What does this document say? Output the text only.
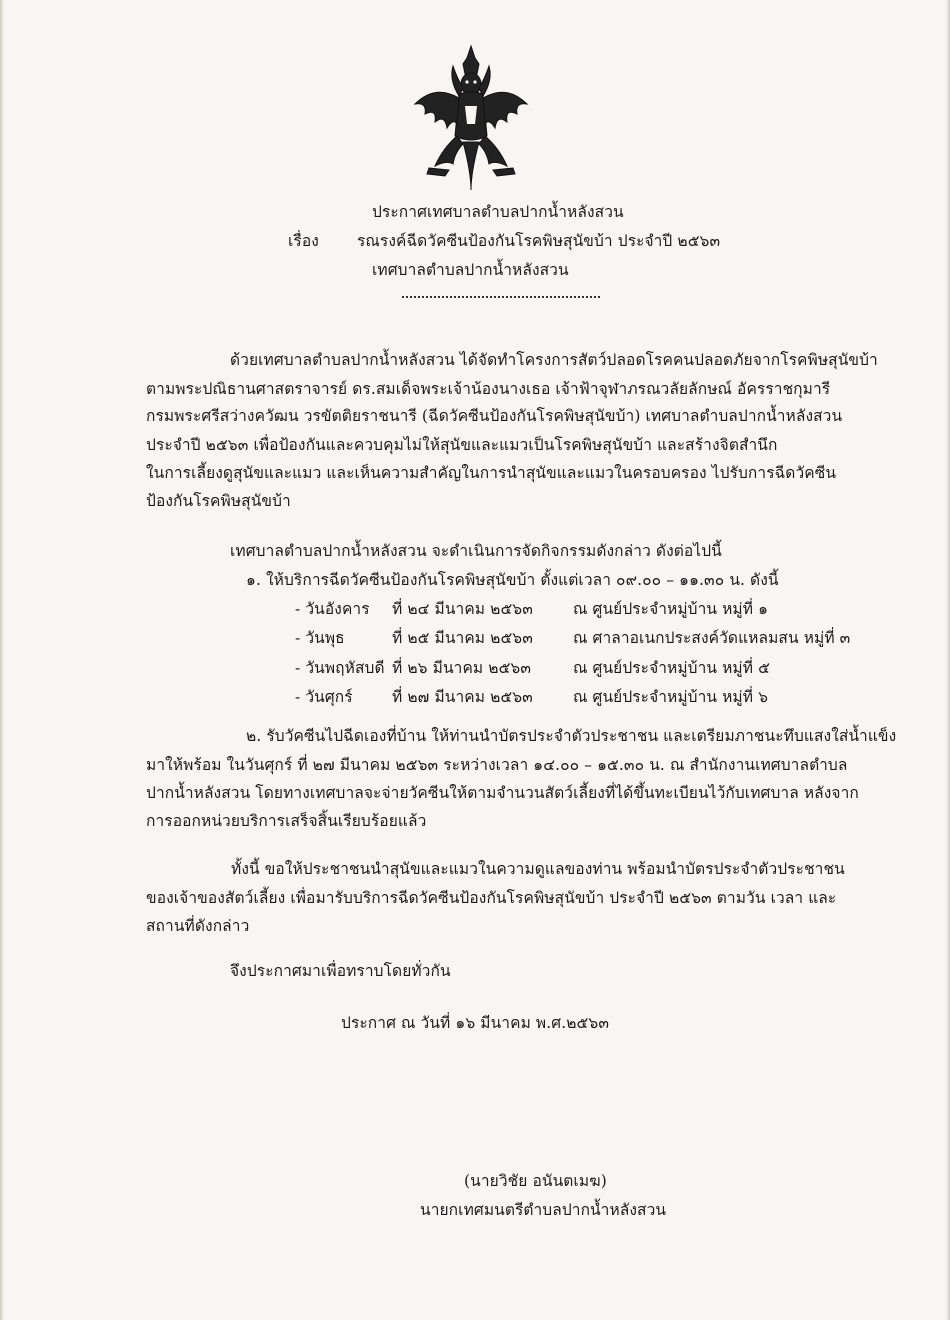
ประกาศเทศบาลตำบลปากน้ำหลังสวน
เรื่อง รณรงค์ฉีดวัคซีนป้องกันโรคพิษสุนัขบ้า ประจำปี ๒๕๖๓
เทศบาลตำบลปากน้ำหลังสวน
ด้วยเทศบาลตำบลปากน้ำหลังสวน ได้จัดทำโครงการสัตว์ปลอดโรคคนปลอดภัยจากโรคพิษสุนัขบ้า
ตามพระปณิธานศาสตราจารย์ ดร.สมเด็จพระเจ้าน้องนางเธอ เจ้าฟ้าจุฬาภรณวลัยลักษณ์ อัครราชกุมารี
กรมพระศรีสว่างควัฒน วรขัตติยราชนารี (ฉีดวัคซีนป้องกันโรคพิษสุนัขบ้า) เทศบาลตำบลปากน้ำหลังสวน
ประจำปี ๒๕๖๓ เพื่อป้องกันและควบคุมไม่ให้สุนัขและแมวเป็นโรคพิษสุนัขบ้า และสร้างจิตสำนึก
ในการเลี้ยงดูสุนัขและแมว และเห็นความสำคัญในการนำสุนัขและแมวในครอบครอง ไปรับการฉีดวัคซีน
ป้องกันโรคพิษสุนัขบ้า
เทศบาลตำบลปากน้ำหลังสวน จะดำเนินการจัดกิจกรรมดังกล่าว ดังต่อไปนี้
๑. ให้บริการฉีดวัคซีนป้องกันโรคพิษสุนัขบ้า ตั้งแต่เวลา ๐๙.๐๐ – ๑๑.๓๐ น. ดังนี้
- วันอังคาร ที่ ๒๔ มีนาคม ๒๕๖๓	ณ ศูนย์ประจำหมู่บ้าน หมู่ที่ ๑
- วันพุธ	ที่ ๒๕ มีนาคม ๒๕๖๓	ณ ศาลาอเนกประสงค์วัดแหลมสน หมู่ที่ ๓
- วันพฤหัสบดี ที่ ๒๖ มีนาคม ๒๕๖๓	ณ ศูนย์ประจำหมู่บ้าน หมู่ที่ ๕
- วันศุกร์	ที่ ๒๗ มีนาคม ๒๕๖๓	ณ ศูนย์ประจำหมู่บ้าน หมู่ที่ ๖
๒. รับวัคซีนไปฉีดเองที่บ้าน ให้ท่านนำบัตรประจำตัวประชาชน และเตรียมภาชนะทึบแสงใส่น้ำแข็ง
มาให้พร้อม ในวันศุกร์ ที่ ๒๗ มีนาคม ๒๕๖๓ ระหว่างเวลา ๑๔.๐๐ – ๑๕.๓๐ น. ณ สำนักงานเทศบาลตำบล
ปากน้ำหลังสวน โดยทางเทศบาลจะจ่ายวัคซีนให้ตามจำนวนสัตว์เลี้ยงที่ได้ขึ้นทะเบียนไว้กับเทศบาล หลังจาก
การออกหน่วยบริการเสร็จสิ้นเรียบร้อยแล้ว
ทั้งนี้ ขอให้ประชาชนนำสุนัขและแมวในความดูแลของท่าน พร้อมนำบัตรประจำตัวประชาชน
ของเจ้าของสัตว์เลี้ยง เพื่อมารับบริการฉีดวัคซีนป้องกันโรคพิษสุนัขบ้า ประจำปี ๒๕๖๓ ตามวัน เวลา และ
สถานที่ดังกล่าว
จึงประกาศมาเพื่อทราบโดยทั่วกัน
ประกาศ ณ วันที่ ๑๖ มีนาคม พ.ศ.๒๕๖๓
(นายวิชัย อนันตเมฆ)
นายกเทศมนตรีตำบลปากน้ำหลังสวน
